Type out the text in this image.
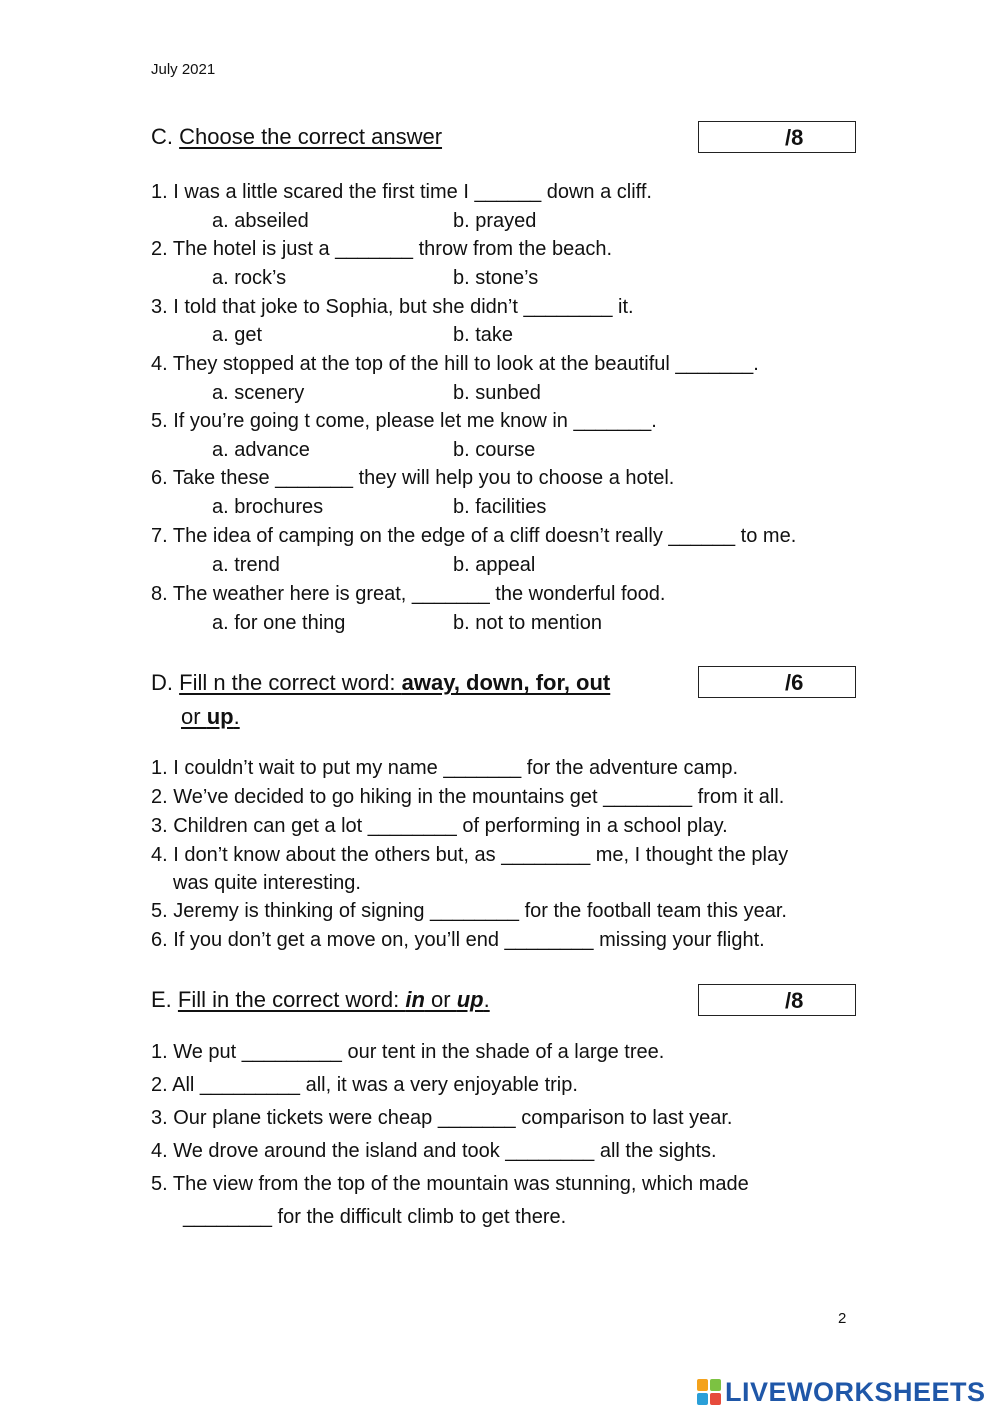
July 2021
C. Choose the correct answer	/8
1. I was a little scared the first time I ______ down a cliff.
a. abseiled	b. prayed
2. The hotel is just a _______ throw from the beach.
a. rock’s	b. stone’s
3. I told that joke to Sophia, but she didn’t ________ it.
a. get	b. take
4. They stopped at the top of the hill to look at the beautiful _______.
a. scenery	b. sunbed
5. If you’re going t come, please let me know in _______.
a. advance	b. course
6. Take these _______ they will help you to choose a hotel.
a. brochures	b. facilities
7. The idea of camping on the edge of a cliff doesn’t really ______ to me.
a. trend	b. appeal
8. The weather here is great, _______ the wonderful food.
a. for one thing	b. not to mention
D. Fill n the correct word: away, down, for, out
or up.
/6
1. I couldn’t wait to put my name _______ for the adventure camp.
2. We’ve decided to go hiking in the mountains get ________ from it all.
3. Children can get a lot ________ of performing in a school play.
4. I don’t know about the others but, as ________ me, I thought the play
was quite interesting.
5. Jeremy is thinking of signing ________ for the football team this year.
6. If you don’t get a move on, you’ll end ________ missing your flight.
E. Fill in the correct word: in or up.	/8
1. We put _________ our tent in the shade of a large tree.
2. All _________ all, it was a very enjoyable trip.
3. Our plane tickets were cheap _______ comparison to last year.
4. We drove around the island and took ________ all the sights.
5. The view from the top of the mountain was stunning, which made
________ for the difficult climb to get there.
2
LIVEWORKSHEETS
